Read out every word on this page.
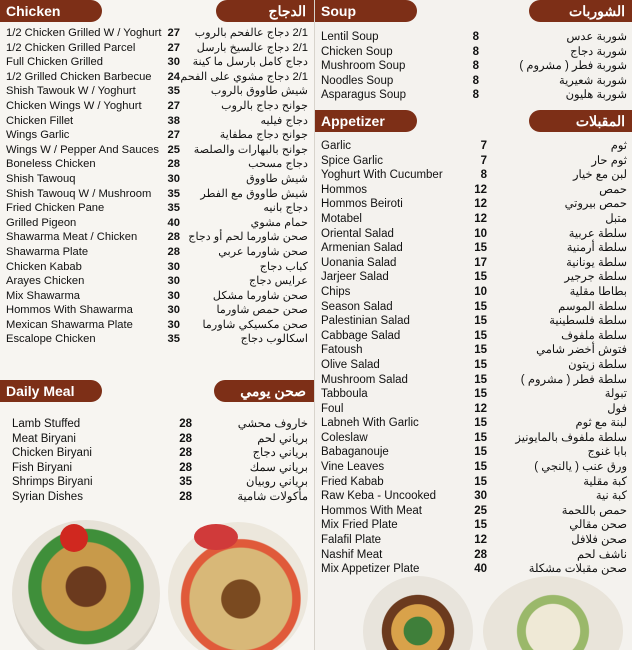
Chicken	الدجاج
1/2 Chicken Grilled W / Yoghurt 27 2/1 دجاج عالفحم بالروب
1/2 Chicken Grilled Parcel	27 2/1 دجاج عالسيخ بارسل
Full Chicken Grilled	30 دجاج كامل بارسل ما كينة
1/2 Grilled Chicken Barbecue	24 2/1 دجاج مشوي على الفحم
Shish Tawouk W / Yoghurt	35	شيش طاووق بالروب
Chicken Wings W / Yoghurt	27	جوانح دجاج بالروب
Chicken Fillet	38	دجاج فيليه
Wings Garlic	27	جوانح دجاج مطفاية
Wings W / Pepper And Sauces 25 جوانح بالبهارات والصلصة
Boneless Chicken	28	دجاج مسحب
Shish Tawouq	30	شيش طاووق
Shish Tawouq W / Mushroom	35 شيش طاووق مع الفطر
Fried Chicken Pane	35	دجاج بانيه
Grilled Pigeon	40	حمام مشوي
Shawarma Meat / Chicken	28 صحن شاورما لحم أو دجاج
Shawarma Plate	28	صحن شاورما عربي
Chicken Kabab	30	كباب دجاج
Arayes Chicken	30	عرايس دجاج
Mix Shawarma	30	صحن شاورما مشكل
Hommos With Shawarma	30	صحن حمص شاورما
Mexican Shawarma Plate	30 صحن مكسيكي شاورما
Escalope Chicken	35	اسكالوب دجاج
Daily Meal	صحن يومي
Lamb Stuffed	28	خاروف محشي
Meat Biryani	28	برياني لحم
Chicken Biryani	28	برياني دجاج
Fish Biryani	28	برياني سمك
Shrimps Biryani	35	برياني روبيان
Syrian Dishes	28	مأكولات شامية
Soup	الشوربات
Lentil Soup	8	شوربة عدس
Chicken Soup	8	شوربة دجاج
Mushroom Soup	8	شوربة فطر ( مشروم )
Noodles Soup	8	شوربة شعيرية
Asparagus Soup	8	شوربة هليون
Appetizer	المقبلات
Garlic	7	ثوم
Spice Garlic	7	ثوم حار
Yoghurt With Cucumber	8	لبن مع خيار
Hommos	12	حمص
Hommos Beiroti	12	حمص بيروتي
Motabel	12	متبل
Oriental Salad	10	سلطة عربية
Armenian Salad	15	سلطة أرمنية
Uonania Salad	17	سلطة يونانية
Jarjeer Salad	15	سلطة جرجير
Chips	10	بطاطا مقلية
Season Salad	15	سلطة الموسم
Palestinian Salad	15	سلطة فلسطينية
Cabbage Salad	15	سلطة ملفوف
Fatoush	15	فتوش أخضر شامي
Olive Salad	15	سلطة زيتون
Mushroom Salad	15	سلطة فطر ( مشروم )
Tabboula	15	تبولة
Foul	12	فول
Labneh With Garlic	15	لبنة مع ثوم
Coleslaw	15 سلطة ملفوف بالمايونيز
Babaganouje	15	بابا غنوج
Vine Leaves	15	ورق عنب ( يالنجي )
Fried Kabab	15	كبة مقلية
Raw Keba - Uncooked	30	كبة نية
Hommos With Meat	25	حمص باللحمة
Mix Fried Plate	15	صحن مقالي
Falafil Plate	12	صحن فلافل
Nashif Meat	28	ناشف لحم
Mix Appetizer Plate	40	صحن مقبلات مشكلة
